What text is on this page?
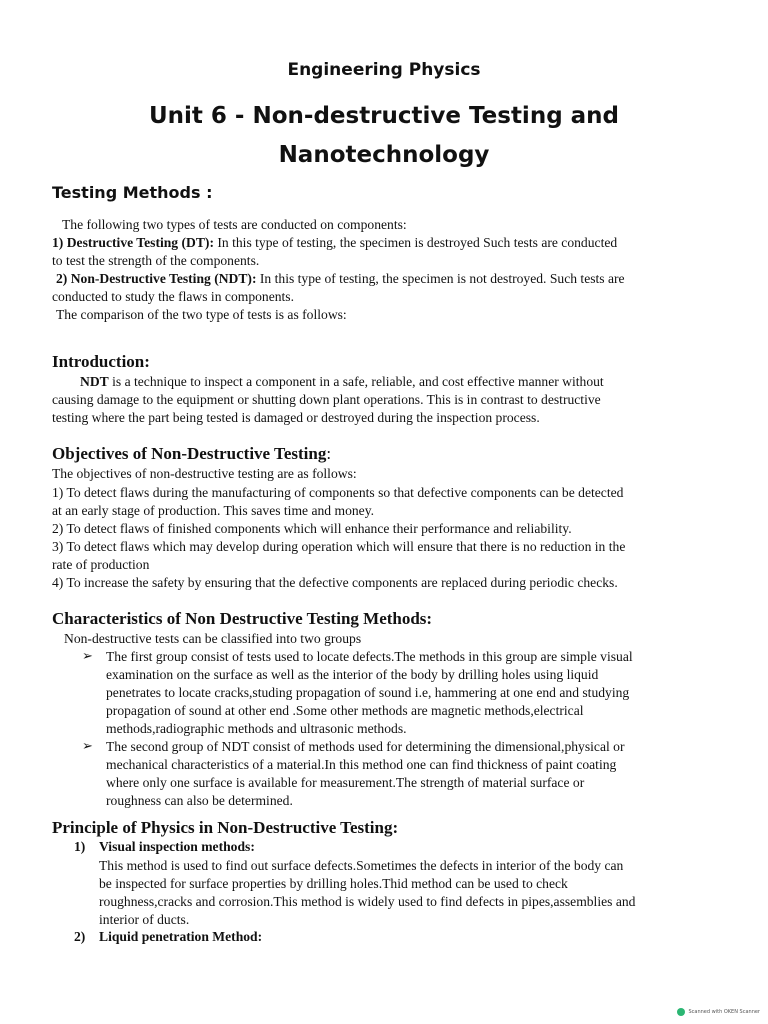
Engineering Physics
Unit 6 - Non-destructive Testing and
Nanotechnology
Testing Methods :
The following two types of tests are conducted on components:
1) Destructive Testing (DT): In this type of testing, the specimen is destroyed Such tests are conducted
to test the strength of the components.
2) Non-Destructive Testing (NDT): In this type of testing, the specimen is not destroyed. Such tests are
conducted to study the flaws in components.
The comparison of the two type of tests is as follows:
Introduction:
NDT is a technique to inspect a component in a safe, reliable, and cost effective manner without
causing damage to the equipment or shutting down plant operations. This is in contrast to destructive
testing where the part being tested is damaged or destroyed during the inspection process.
Objectives of Non-Destructive Testing:
The objectives of non-destructive testing are as follows:
1) To detect flaws during the manufacturing of components so that defective components can be detected
at an early stage of production. This saves time and money.
2) To detect flaws of finished components which will enhance their performance and reliability.
3) To detect flaws which may develop during operation which will ensure that there is no reduction in the
rate of production
4) To increase the safety by ensuring that the defective components are replaced during periodic checks.
Characteristics of Non Destructive Testing Methods:
Non-destructive tests can be classified into two groups
➢ The first group consist of tests used to locate defects.The methods in this group are simple visual
examination on the surface as well as the interior of the body by drilling holes using liquid
penetrates to locate cracks,studing propagation of sound i.e, hammering at one end and studying
propagation of sound at other end .Some other methods are magnetic methods,electrical
methods,radiographic methods and ultrasonic methods.
➢ The second group of NDT consist of methods used for determining the dimensional,physical or
mechanical characteristics of a material.In this method one can find thickness of paint coating
where only one surface is available for measurement.The strength of material surface or
roughness can also be determined.
Principle of Physics in Non-Destructive Testing:
1) Visual inspection methods:
This method is used to find out surface defects.Sometimes the defects in interior of the body can
be inspected for surface properties by drilling holes.Thid method can be used to check
roughness,cracks and corrosion.This method is widely used to find defects in pipes,assemblies and
interior of ducts.
2) Liquid penetration Method:
Scanned with OKEN Scanner
